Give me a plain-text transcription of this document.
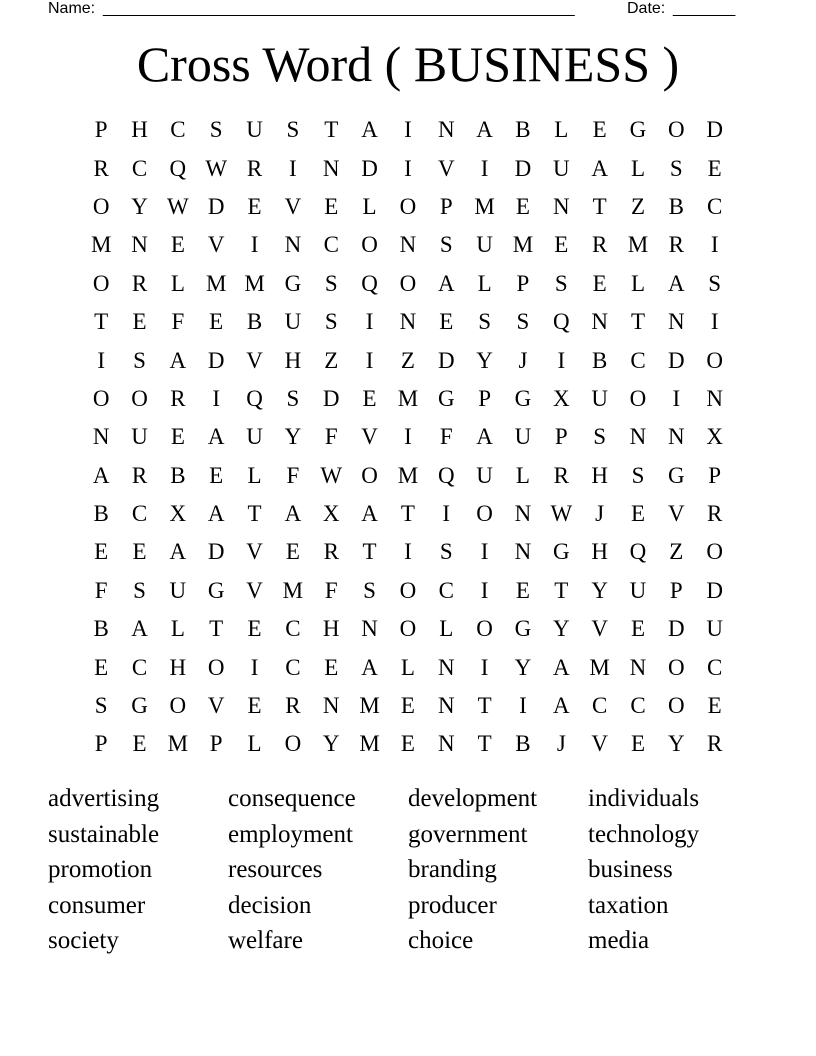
Name: _____________________________________________________	Date: _______
Cross Word ( BUSINESS )
P	H C	S	U	S	T	A	I	N A B	L	E	G O D
R	C Q W R	I	N D	I	V	I	D U A	L	S	E
O Y W D	E	V	E	L	O	P M E	N	T	Z	B	C
M N	E	V	I	N C O N	S	U M E	R M R	I
O R	L M M G	S	Q O A	L	P	S	E	L	A	S
T	E	F	E	B U	S	I	N	E	S	S	Q N	T	N	I
I	S	A D V H	Z	I	Z	D Y	J	I	B	C D O
O O R	I	Q	S	D	E M G	P	G X U O	I	N
N U	E	A U Y	F	V	I	F	A U	P	S	N N X
A R	B	E	L	F W O M Q U	L	R H	S	G	P
B	C X A	T	A X A	T	I	O N W	J	E	V R
E	E	A D V	E	R	T	I	S	I	N G H Q	Z	O
F	S	U G V M F	S	O C	I	E	T	Y U	P	D
B A	L	T	E	C H N O	L	O G Y V	E	D U
E	C H O	I	C	E	A	L	N	I	Y A M N O C
S	G O V	E	R N M E	N	T	I	A C	C O	E
P	E M P	L	O Y M E	N	T	B	J	V	E	Y R
advertising	consequence	development	individuals
sustainable	employment	government	technology
promotion	resources	branding	business
consumer	decision	producer	taxation
society	welfare	choice	media
